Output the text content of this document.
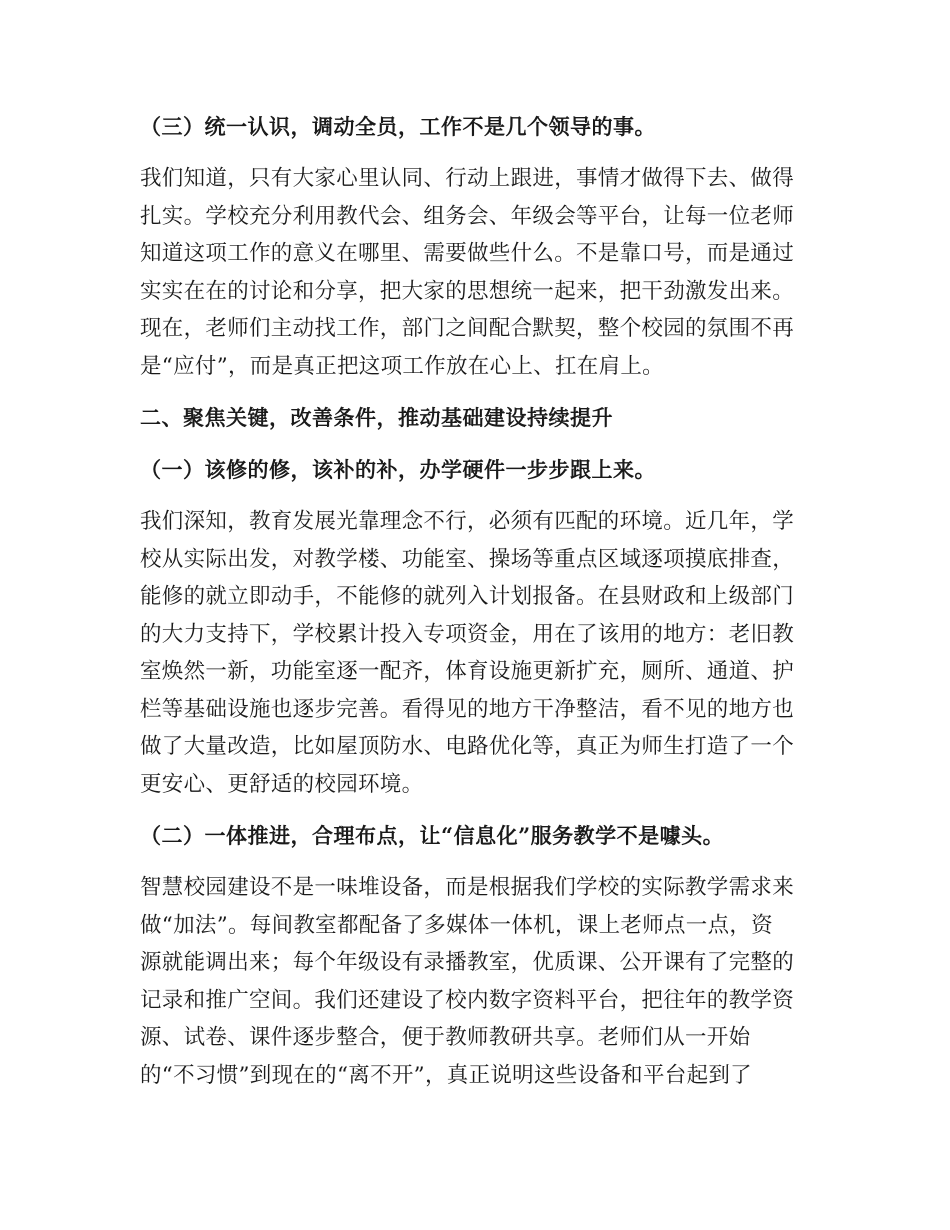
（三）统一认识，调动全员，工作不是几个领导的事。
我们知道，只有大家心里认同、行动上跟进，事情才做得下去、做得
扎实。学校充分利用教代会、组务会、年级会等平台，让每一位老师
知道这项工作的意义在哪里、需要做些什么。不是靠口号，而是通过
实实在在的讨论和分享，把大家的思想统一起来，把干劲激发出来。
现在，老师们主动找工作，部门之间配合默契，整个校园的氛围不再
是“应付”，而是真正把这项工作放在心上、扛在肩上。
二、聚焦关键，改善条件，推动基础建设持续提升
（一）该修的修，该补的补，办学硬件一步步跟上来。
我们深知，教育发展光靠理念不行，必须有匹配的环境。近几年，学
校从实际出发，对教学楼、功能室、操场等重点区域逐项摸底排查，
能修的就立即动手，不能修的就列入计划报备。在县财政和上级部门
的大力支持下，学校累计投入专项资金，用在了该用的地方：老旧教
室焕然一新，功能室逐一配齐，体育设施更新扩充，厕所、通道、护
栏等基础设施也逐步完善。看得见的地方干净整洁，看不见的地方也
做了大量改造，比如屋顶防水、电路优化等，真正为师生打造了一个
更安心、更舒适的校园环境。
（二）一体推进，合理布点，让“信息化”服务教学不是噱头。
智慧校园建设不是一味堆设备，而是根据我们学校的实际教学需求来
做“加法”。每间教室都配备了多媒体一体机，课上老师点一点，资
源就能调出来；每个年级设有录播教室，优质课、公开课有了完整的
记录和推广空间。我们还建设了校内数字资料平台，把往年的教学资
源、试卷、课件逐步整合，便于教师教研共享。老师们从一开始
的“不习惯”到现在的“离不开”，真正说明这些设备和平台起到了
